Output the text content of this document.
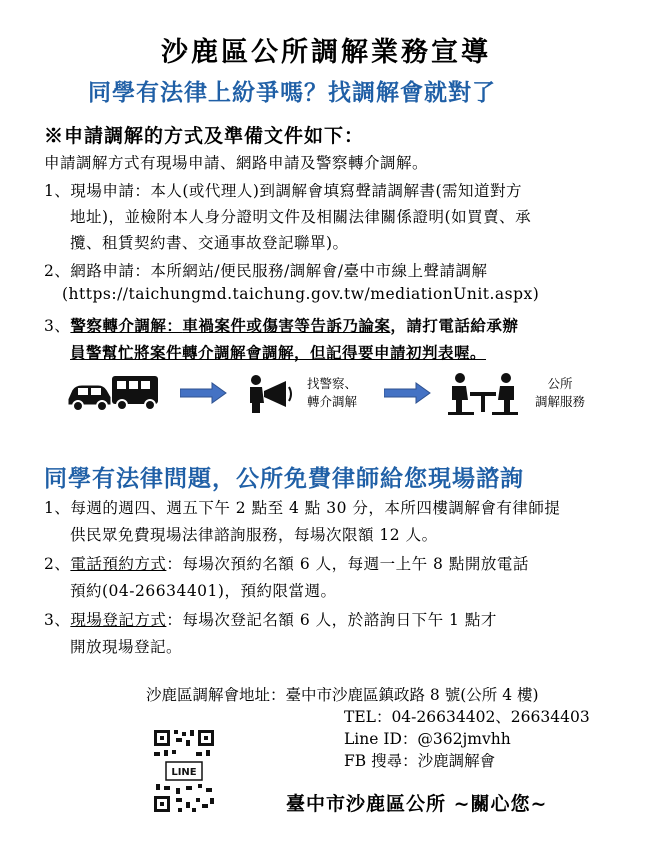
沙鹿區公所調解業務宣導
同學有法律上紛爭嗎？找調解會就對了
※申請調解的方式及準備文件如下：
申請調解方式有現場申請、網路申請及警察轉介調解。
1、現場申請：本人(或代理人)到調解會填寫聲請調解書(需知道對方
地址)，並檢附本人身分證明文件及相關法律關係證明(如買賣、承
攬、租賃契約書、交通事故登記聯單)。
2、網路申請：本所網站/便民服務/調解會/臺中市線上聲請調解
(https://taichungmd.taichung.gov.tw/mediationUnit.aspx)
3、警察轉介調解：車禍案件或傷害等告訴乃論案，請打電話給承辦
員警幫忙將案件轉介調解會調解，但記得要申請初判表喔。
找警察、
轉介調解
公所
調解服務
同學有法律問題，公所免費律師給您現場諮詢
1、每週的週四、週五下午 2 點至 4 點 30 分，本所四樓調解會有律師提
供民眾免費現場法律諮詢服務，每場次限額 12 人。
2、電話預約方式：每場次預約名額 6 人，每週一上午 8 點開放電話
預約(04-26634401)，預約限當週。
3、現場登記方式：每場次登記名額 6 人，於諮詢日下午 1 點才
開放現場登記。
沙鹿區調解會地址：臺中市沙鹿區鎮政路 8 號(公所 4 樓)
TEL：04-26634402、26634403
Line ID：@362jmvhh
FB 搜尋：沙鹿調解會
LINE
臺中市沙鹿區公所 ~關心您~
